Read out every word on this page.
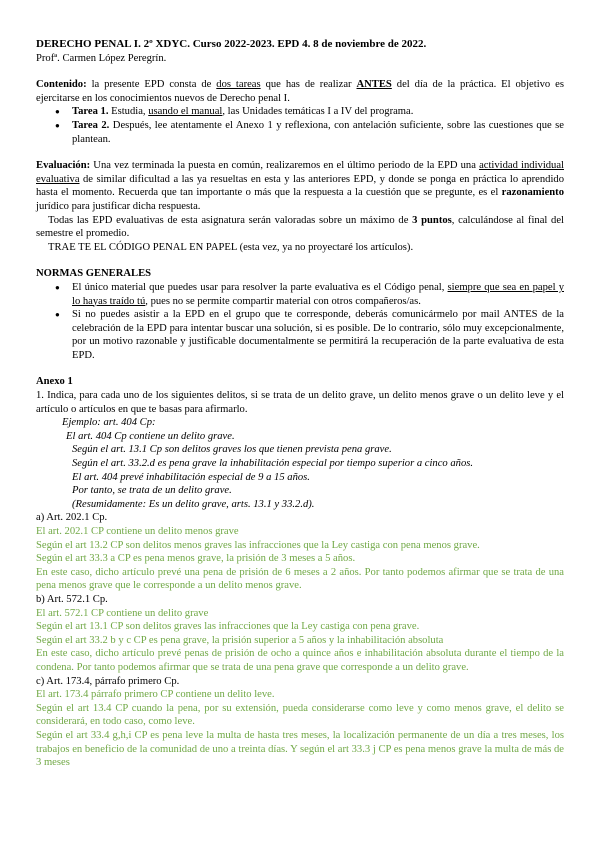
DERECHO PENAL I. 2º XDYC. Curso 2022-2023. EPD 4. 8 de noviembre de 2022.

Profª. Carmen López Peregrín.

Contenido: la presente EPD consta de dos tareas que has de realizar ANTES del día de la práctica. El objetivo es ejercitarse en los conocimientos nuevos de Derecho penal I.

● Tarea 1. Estudia, usando el manual, las Unidades temáticas I a IV del programa.
● Tarea 2. Después, lee atentamente el Anexo 1 y reflexiona, con antelación suficiente, sobre las cuestiones que se plantean.

Evaluación: Una vez terminada la puesta en común, realizaremos en el último periodo de la EPD una actividad individual evaluativa de similar dificultad a las ya resueltas en esta y las anteriores EPD, y donde se ponga en práctica lo aprendido hasta el momento. Recuerda que tan importante o más que la respuesta a la cuestión que se pregunte, es el razonamiento jurídico para justificar dicha respuesta.

Todas las EPD evaluativas de esta asignatura serán valoradas sobre un máximo de 3 puntos, calculándose al final del semestre el promedio.

TRAE TE EL CÓDIGO PENAL EN PAPEL (esta vez, ya no proyectaré los artículos).

NORMAS GENERALES

● El único material que puedes usar para resolver la parte evaluativa es el Código penal, siempre que sea en papel y lo hayas traído tú, pues no se permite compartir material con otros compañeros/as.
● Si no puedes asistir a la EPD en el grupo que te corresponde, deberás comunicármelo por mail ANTES de la celebración de la EPD para intentar buscar una solución, si es posible. De lo contrario, sólo muy excepcionalmente, por un motivo razonable y justificable documentalmente se permitirá la recuperación de la parte evaluativa de esta EPD.

Anexo 1

1. Indica, para cada uno de los siguientes delitos, si se trata de un delito grave, un delito menos grave o un delito leve y el artículo o artículos en que te basas para afirmarlo.

Ejemplo: art. 404 Cp:

El art. 404 Cp contiene un delito grave.

Según el art. 13.1 Cp son delitos graves los que tienen prevista pena grave.

Según el art. 33.2.d es pena grave la inhabilitación especial por tiempo superior a cinco años.

El art. 404 prevé inhabilitación especial de 9 a 15 años.

Por tanto, se trata de un delito grave.

(Resumidamente: Es un delito grave, arts. 13.1 y 33.2.d).

a) Art. 202.1 Cp.

El art. 202.1 CP contiene un delito menos grave

Según el art 13.2 CP son delitos menos graves las infracciones que la Ley castiga con pena menos grave.

Según el art 33.3 a CP es pena menos grave, la prisión de 3 meses a 5 años.

En este caso, dicho artículo prevé una pena de prisión de 6 meses a 2 años. Por tanto podemos afirmar que se trata de una pena menos grave que le corresponde a un delito menos grave.

b) Art. 572.1 Cp.

El art. 572.1 CP contiene un delito grave

Según el art 13.1 CP son delitos graves las infracciones que la Ley castiga con pena grave.

Según el art 33.2 b y c CP es pena grave, la prisión superior a 5 años y la inhabilitación absoluta

En este caso, dicho artículo prevé penas de prisión de ocho a quince años e inhabilitación absoluta durante el tiempo de la condena. Por tanto podemos afirmar que se trata de una pena grave que corresponde a un delito grave.

c) Art. 173.4, párrafo primero Cp.

El art. 173.4 párrafo primero CP contiene un delito leve.

Según el art 13.4 CP cuando la pena, por su extensión, pueda considerarse como leve y como menos grave, el delito se considerará, en todo caso, como leve.

Según el art 33.4 g,h,i CP es pena leve la multa de hasta tres meses, la localización permanente de un día a tres meses, los trabajos en beneficio de la comunidad de uno a treinta días. Y según el art 33.3 j CP es pena menos grave la multa de más de 3 meses
